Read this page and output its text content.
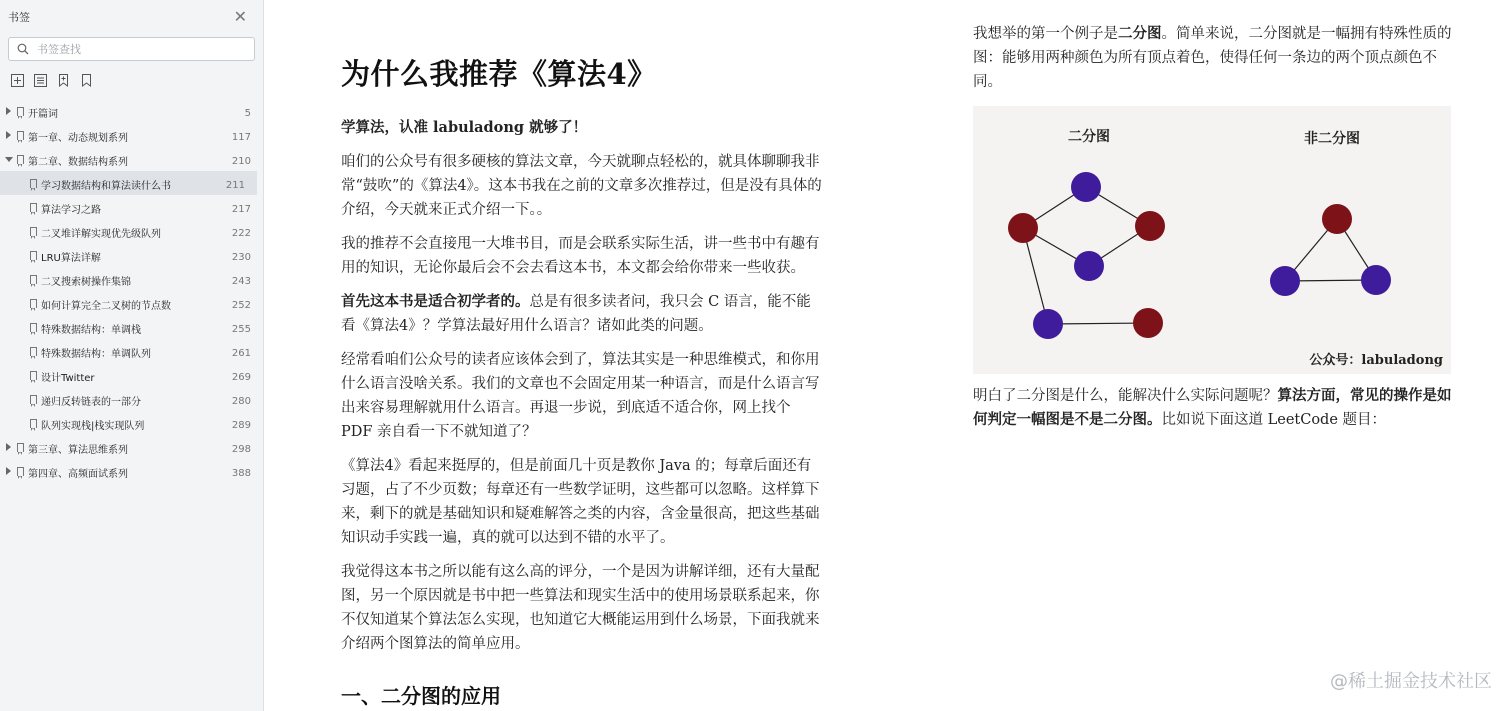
书签	✕
书签查找
开篇词	5
第一章、动态规划系列	117
第二章、数据结构系列	210
学习数据结构和算法读什么书	211
算法学习之路	217
二叉堆详解实现优先级队列	222
LRU算法详解	230
二叉搜索树操作集锦	243
如何计算完全二叉树的节点数	252
特殊数据结构：单调栈	255
特殊数据结构：单调队列	261
设计Twitter	269
递归反转链表的一部分	280
队列实现栈|栈实现队列	289
第三章、算法思维系列	298
第四章、高频面试系列	388
为什么我推荐《算法4》
学算法，认准 labuladong 就够了！
咱们的公众号有很多硬核的算法文章，今天就聊点轻松的，就具体聊聊我非常“鼓吹”的《算法4》。这本书我在之前的文章多次推荐过，但是没有具体的介绍，今天就来正式介绍一下。。
我的推荐不会直接甩一大堆书目，而是会联系实际生活，讲一些书中有趣有用的知识，无论你最后会不会去看这本书，本文都会给你带来一些收获。
首先这本书是适合初学者的。总是有很多读者问，我只会 C 语言，能不能看《算法4》？学算法最好用什么语言？诸如此类的问题。
经常看咱们公众号的读者应该体会到了，算法其实是一种思维模式，和你用什么语言没啥关系。我们的文章也不会固定用某一种语言，而是什么语言写出来容易理解就用什么语言。再退一步说，到底适不适合你，网上找个 PDF 亲自看一下不就知道了？
《算法4》看起来挺厚的，但是前面几十页是教你 Java 的；每章后面还有习题，占了不少页数；每章还有一些数学证明，这些都可以忽略。这样算下来，剩下的就是基础知识和疑难解答之类的内容，含金量很高，把这些基础知识动手实践一遍，真的就可以达到不错的水平了。
我觉得这本书之所以能有这么高的评分，一个是因为讲解详细，还有大量配图，另一个原因就是书中把一些算法和现实生活中的使用场景联系起来，你不仅知道某个算法怎么实现，也知道它大概能运用到什么场景，下面我就来介绍两个图算法的简单应用。
一、二分图的应用
我想举的第一个例子是二分图。简单来说，二分图就是一幅拥有特殊性质的图：能够用两种颜色为所有顶点着色，使得任何一条边的两个顶点颜色不同。
二分图	非二分图
公众号：labuladong
明白了二分图是什么，能解决什么实际问题呢？算法方面，常见的操作是如何判定一幅图是不是二分图。比如说下面这道 LeetCode 题目：
@稀土掘金技术社区
